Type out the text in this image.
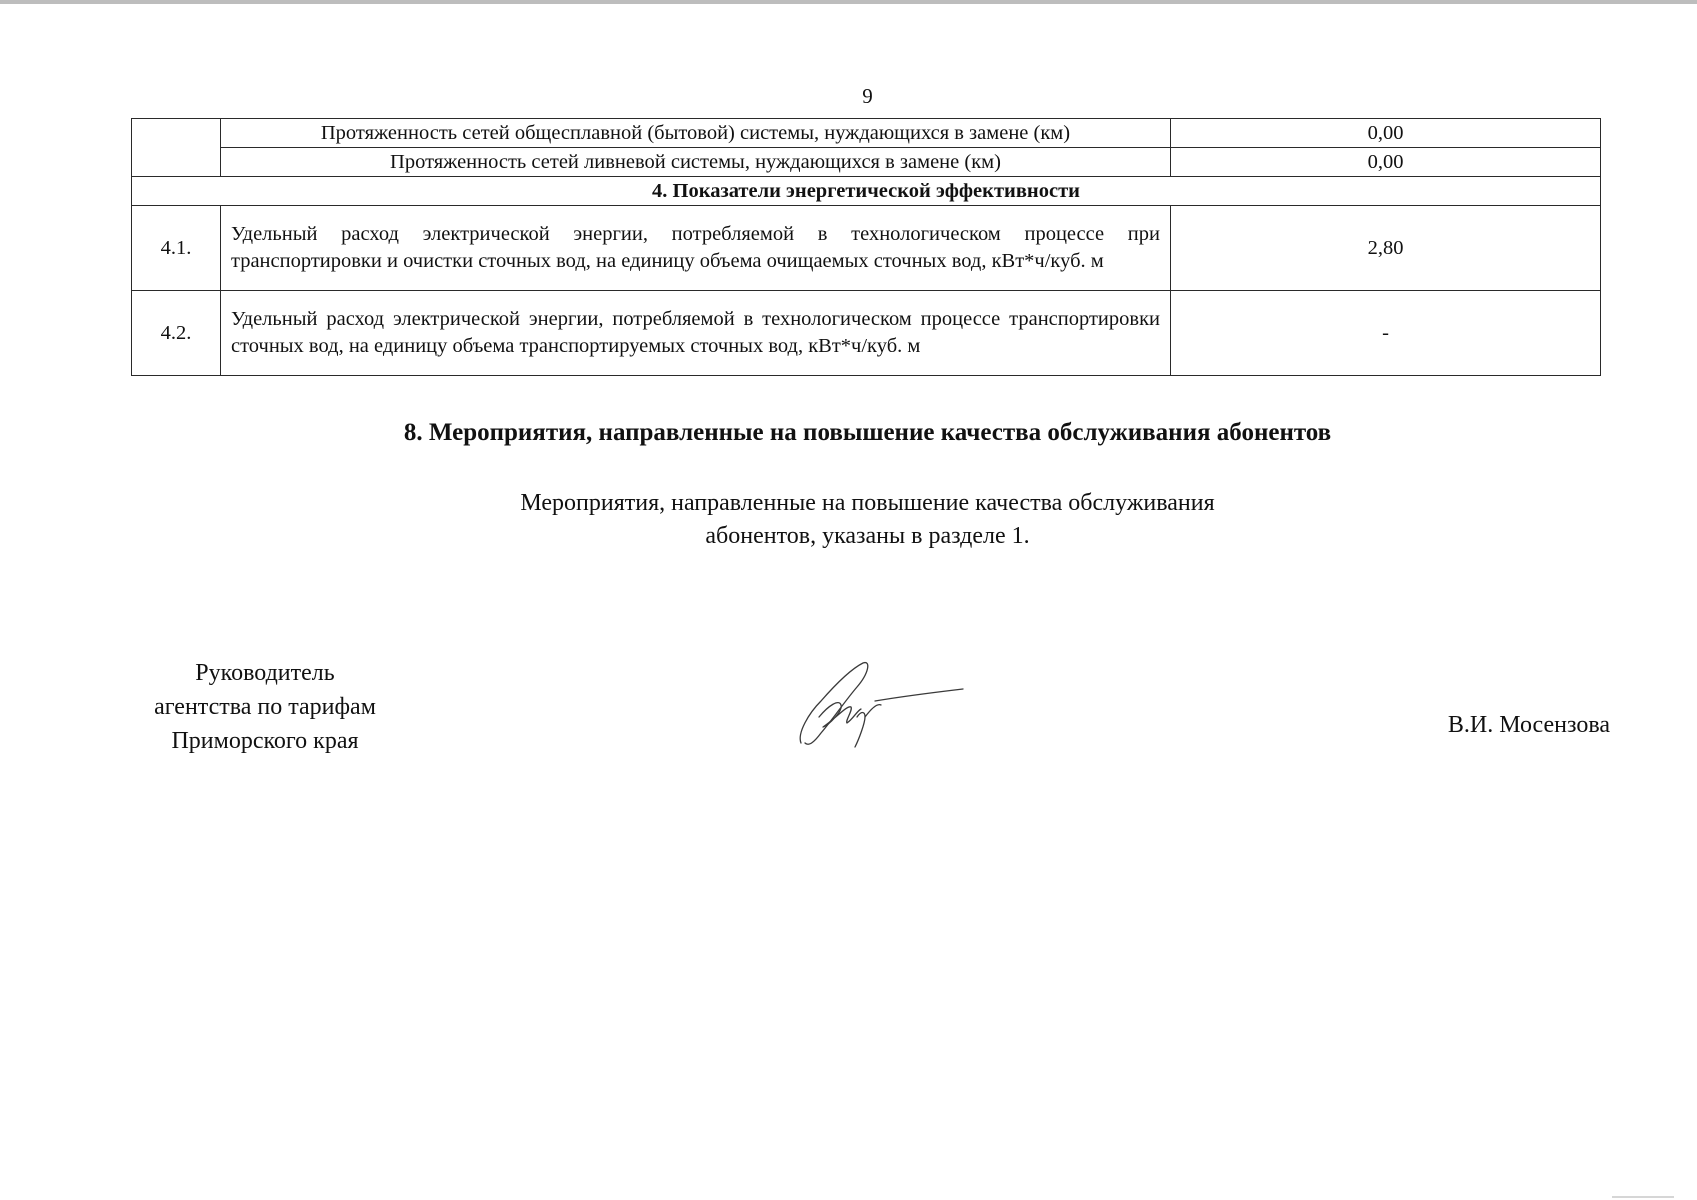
9
	Протяженность сетей общесплавной (бытовой) системы, нуждающихся в замене (км)	0,00
	Протяженность сетей ливневой системы, нуждающихся в замене (км)	0,00
4. Показатели энергетической эффективности		
4.1.	Удельный расход электрической энергии, потребляемой в технологическом процессе при транспортировки и очистки сточных вод, на единицу объема очищаемых сточных вод, кВт*ч/куб. м	2,80
4.2.	Удельный расход электрической энергии, потребляемой в технологическом процессе транспортировки сточных вод, на единицу объема транспортируемых сточных вод, кВт*ч/куб. м	-
8. Мероприятия, направленные на повышение качества обслуживания абонентов
Мероприятия, направленные на повышение качества обслуживания
абонентов, указаны в разделе 1.
Руководитель
агентства по тарифам
Приморского края
В.И. Мосензова
